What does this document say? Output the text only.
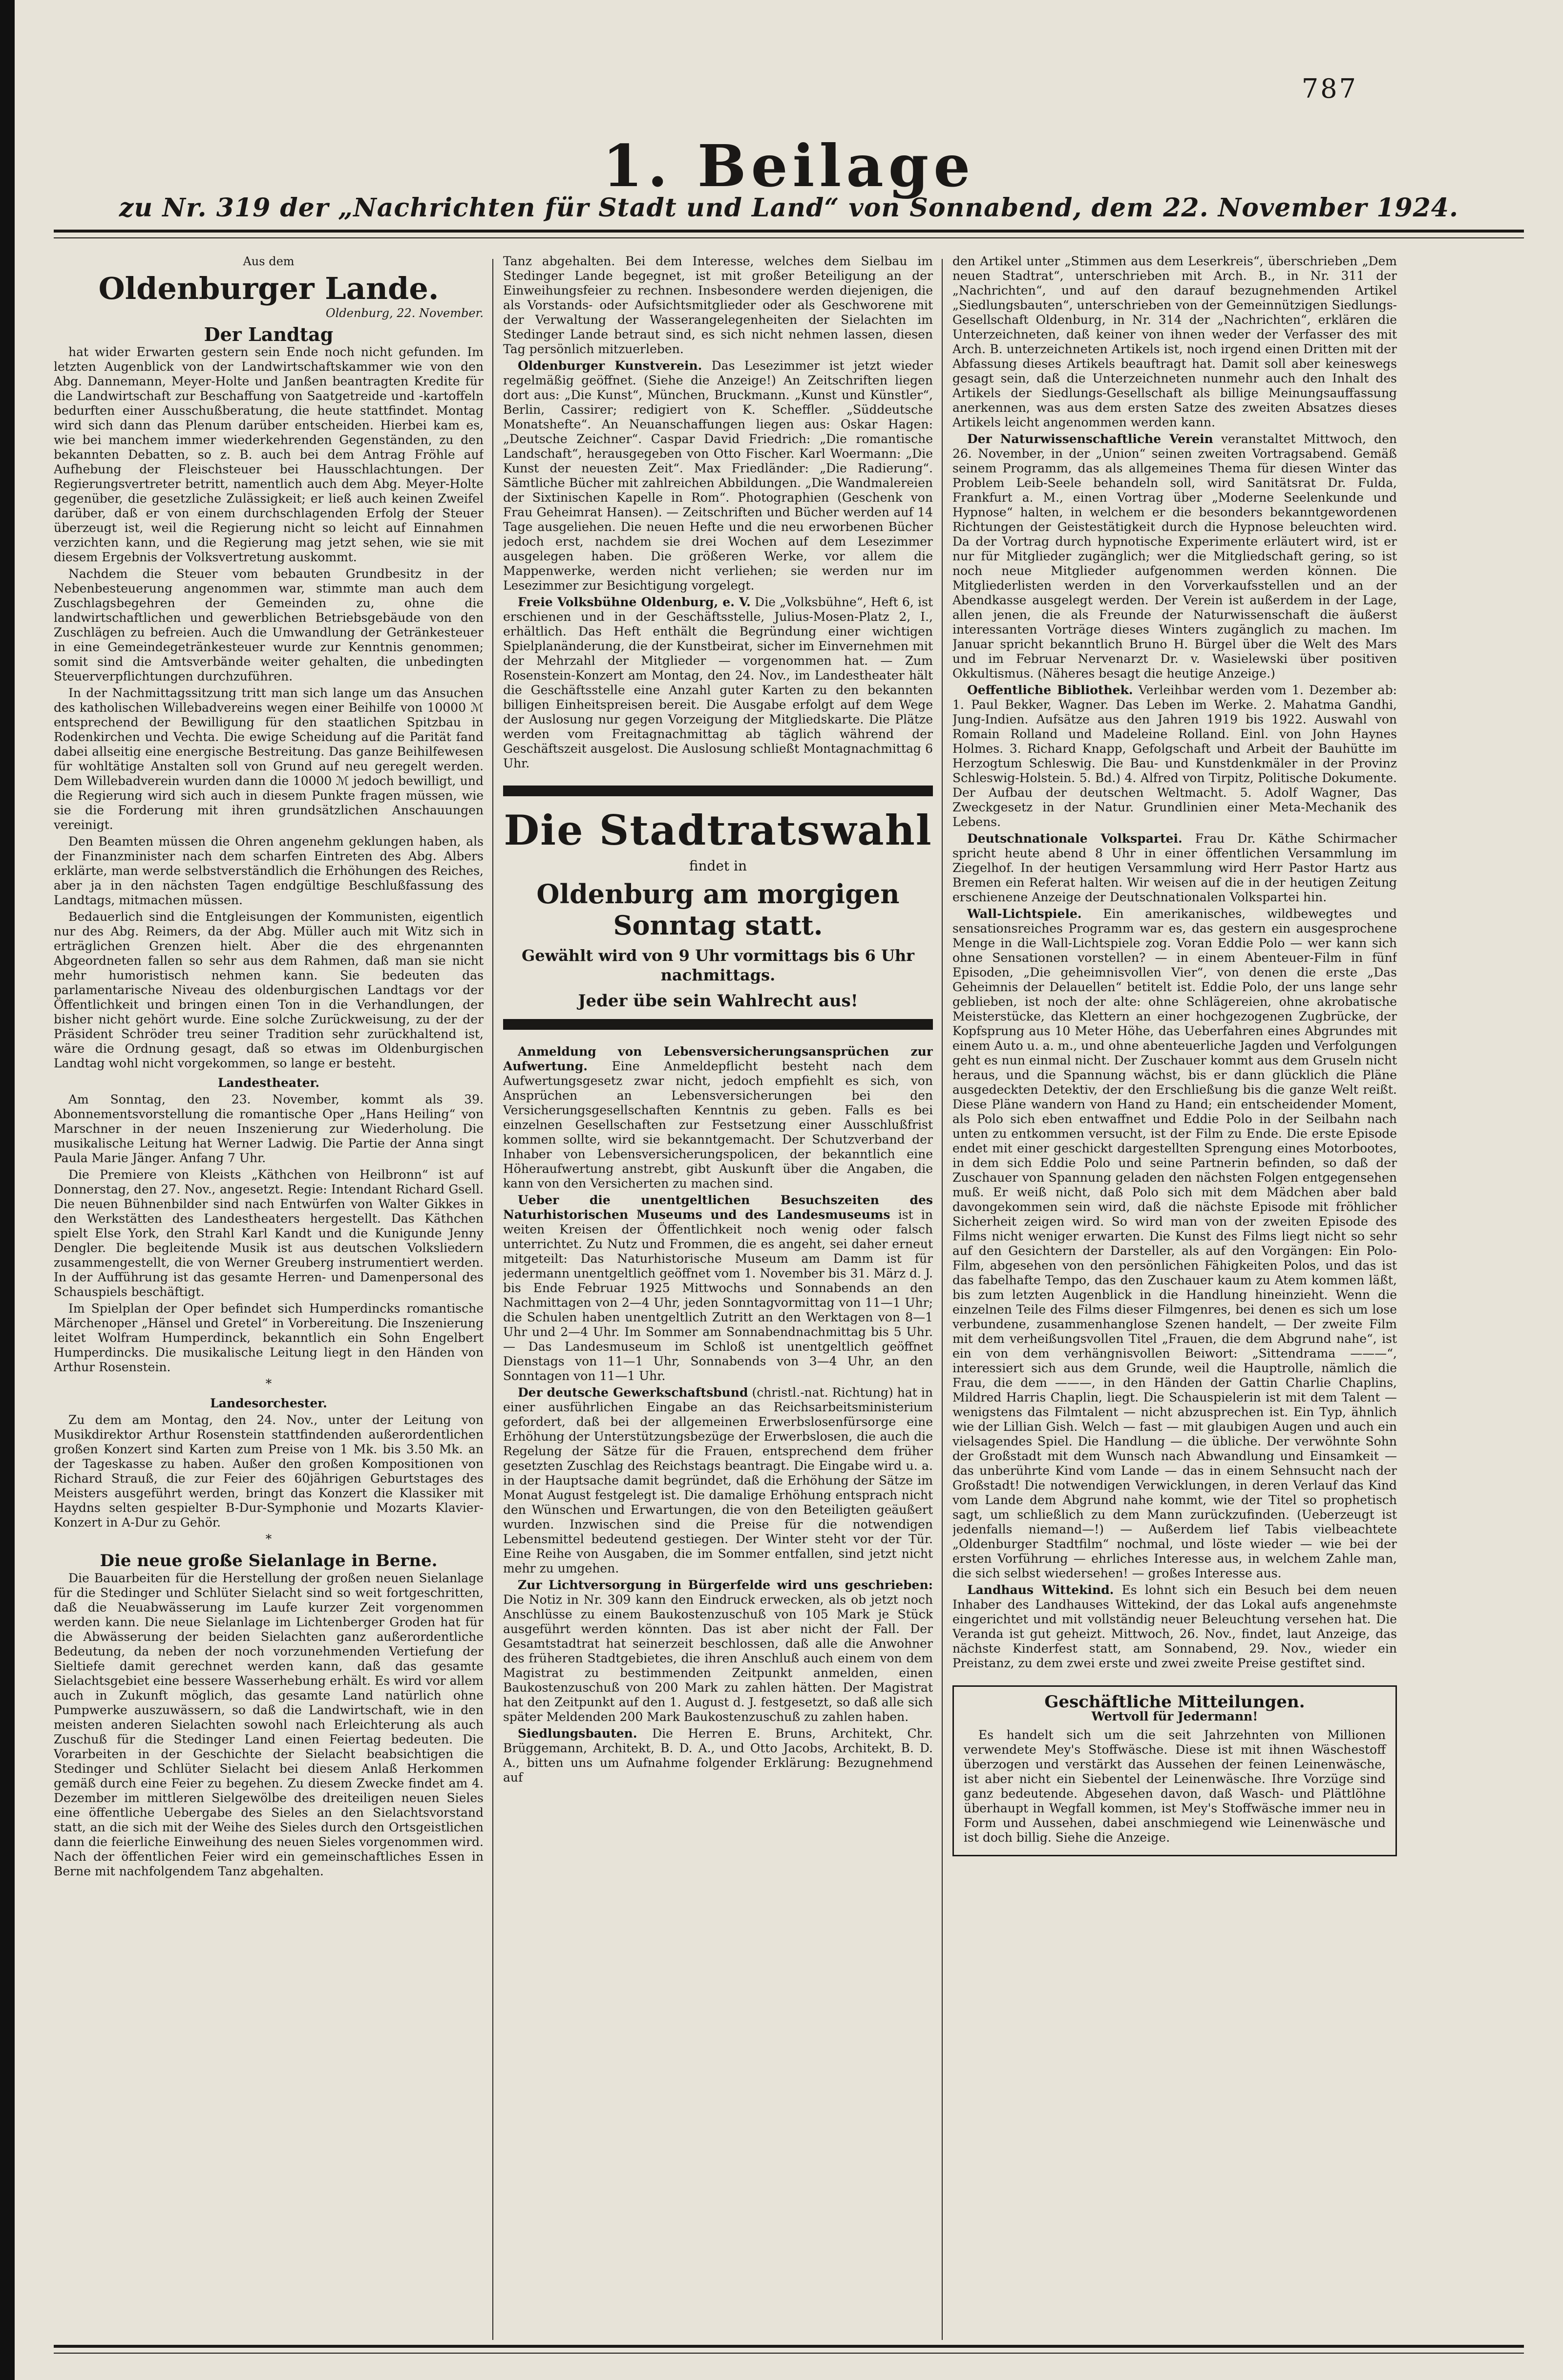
787
1. Beilage
zu Nr. 319 der „Nachrichten für Stadt und Land“ von Sonnabend, dem 22. November 1924.
Aus dem
Oldenburger Lande.
Oldenburg, 22. November.
Der Landtag

hat wider Erwarten gestern sein Ende noch nicht gefunden. Im letzten Augenblick von der Landwirtschaftskammer wie von den Abg. Dannemann, Meyer-Holte und Janßen beantragten Kredite für die Landwirtschaft zur Beschaffung von Saatgetreide und -kartoffeln bedurften einer Ausschußberatung, die heute stattfindet. Montag wird sich dann das Plenum darüber entscheiden. Hierbei kam es, wie bei manchem immer wiederkehrenden Gegenständen, zu den bekannten Debatten, so z. B. auch bei dem Antrag Fröhle auf Aufhebung der Fleischsteuer bei Hausschlachtungen. Der Regierungsvertreter betritt, namentlich auch dem Abg. Meyer-Holte gegenüber, die gesetzliche Zulässigkeit; er ließ auch keinen Zweifel darüber, daß er von einem durchschlagenden Erfolg der Steuer überzeugt ist, weil die Regierung nicht so leicht auf Einnahmen verzichten kann, und die Regierung mag jetzt sehen, wie sie mit diesem Ergebnis der Volksvertretung auskommt.

Nachdem die Steuer vom bebauten Grundbesitz in der Nebenbesteuerung angenommen war, stimmte man auch dem Zuschlagsbegehren der Gemeinden zu, ohne die landwirtschaftlichen und gewerblichen Betriebsgebäude von den Zuschlägen zu befreien. Auch die Umwandlung der Getränkesteuer in eine Gemeindegetränkesteuer wurde zur Kenntnis genommen; somit sind die Amtsverbände weiter gehalten, die unbedingten Steuerverpflichtungen durchzuführen.

In der Nachmittagssitzung tritt man sich lange um das Ansuchen des katholischen Willebadvereins wegen einer Beihilfe von 10000 ℳ entsprechend der Bewilligung für den staatlichen Spitzbau in Rodenkirchen und Vechta. Die ewige Scheidung auf die Parität fand dabei allseitig eine energische Bestreitung. Das ganze Beihilfewesen für wohltätige Anstalten soll von Grund auf neu geregelt werden. Dem Willebadverein wurden dann die 10000 ℳ jedoch bewilligt, und die Regierung wird sich auch in diesem Punkte fragen müssen, wie sie die Forderung mit ihren grundsätzlichen Anschauungen vereinigt.

Den Beamten müssen die Ohren angenehm geklungen haben, als der Finanzminister nach dem scharfen Eintreten des Abg. Albers erklärte, man werde selbstverständlich die Erhöhungen des Reiches, aber ja in den nächsten Tagen endgültige Beschlußfassung des Landtags, mitmachen müssen.

Bedauerlich sind die Entgleisungen der Kommunisten, eigentlich nur des Abg. Reimers, da der Abg. Müller auch mit Witz sich in erträglichen Grenzen hielt. Aber die des ehrgenannten Abgeordneten fallen so sehr aus dem Rahmen, daß man sie nicht mehr humoristisch nehmen kann. Sie bedeuten das parlamentarische Niveau des oldenburgischen Landtags vor der Öffentlichkeit und bringen einen Ton in die Verhandlungen, der bisher nicht gehört wurde. Eine solche Zurückweisung, zu der der Präsident Schröder treu seiner Tradition sehr zurückhaltend ist, wäre die Ordnung gesagt, daß so etwas im Oldenburgischen Landtag wohl nicht vorgekommen, so lange er besteht.

Landestheater.

Am Sonntag, den 23. November, kommt als 39. Abonnementsvorstellung die romantische Oper „Hans Heiling“ von Marschner in der neuen Inszenierung zur Wiederholung. Die musikalische Leitung hat Werner Ladwig. Die Partie der Anna singt Paula Marie Jänger. Anfang 7 Uhr.

Die Premiere von Kleists „Käthchen von Heilbronn“ ist auf Donnerstag, den 27. Nov., angesetzt. Regie: Intendant Richard Gsell. Die neuen Bühnenbilder sind nach Entwürfen von Walter Gikkes in den Werkstätten des Landestheaters hergestellt. Das Käthchen spielt Else York, den Strahl Karl Kandt und die Kunigunde Jenny Dengler. Die begleitende Musik ist aus deutschen Volksliedern zusammengestellt, die von Werner Greuberg instrumentiert werden. In der Aufführung ist das gesamte Herren- und Damenpersonal des Schauspiels beschäftigt.

Im Spielplan der Oper befindet sich Humperdincks romantische Märchenoper „Hänsel und Gretel“ in Vorbereitung. Die Inszenierung leitet Wolfram Humperdinck, bekanntlich ein Sohn Engelbert Humperdincks. Die musikalische Leitung liegt in den Händen von Arthur Rosenstein.

*
Landesorchester.

Zu dem am Montag, den 24. Nov., unter der Leitung von Musikdirektor Arthur Rosenstein stattfindenden außerordentlichen großen Konzert sind Karten zum Preise von 1 Mk. bis 3.50 Mk. an der Tageskasse zu haben. Außer den großen Kompositionen von Richard Strauß, die zur Feier des 60jährigen Geburtstages des Meisters ausgeführt werden, bringt das Konzert die Klassiker mit Haydns selten gespielter B-Dur-Symphonie und Mozarts Klavier-Konzert in A-Dur zu Gehör.

*
Die neue große Sielanlage in Berne.

Die Bauarbeiten für die Herstellung der großen neuen Sielanlage für die Stedinger und Schlüter Sielacht sind so weit fortgeschritten, daß die Neuabwässerung im Laufe kurzer Zeit vorgenommen werden kann. Die neue Sielanlage im Lichtenberger Groden hat für die Abwässerung der beiden Sielachten ganz außerordentliche Bedeutung, da neben der noch vorzunehmenden Vertiefung der Sieltiefe damit gerechnet werden kann, daß das gesamte Sielachtsgebiet eine bessere Wasserhebung erhält. Es wird vor allem auch in Zukunft möglich, das gesamte Land natürlich ohne Pumpwerke auszuwässern, so daß die Landwirtschaft, wie in den meisten anderen Sielachten sowohl nach Erleichterung als auch Zuschuß für die Stedinger Land einen Feiertag bedeuten. Die Vorarbeiten in der Geschichte der Sielacht beabsichtigen die Stedinger und Schlüter Sielacht bei diesem Anlaß Herkommen gemäß durch eine Feier zu begehen. Zu diesem Zwecke findet am 4. Dezember im mittleren Sielgewölbe des dreiteiligen neuen Sieles eine öffentliche Uebergabe des Sieles an den Sielachtsvorstand statt, an die sich mit der Weihe des Sieles durch den Ortsgeistlichen dann die feierliche Einweihung des neuen Sieles vorgenommen wird. Nach der öffentlichen Feier wird ein gemeinschaftliches Essen in Berne mit nachfolgendem Tanz abgehalten.

Tanz abgehalten. Bei dem Interesse, welches dem Sielbau im Stedinger Lande begegnet, ist mit großer Beteiligung an der Einweihungsfeier zu rechnen. Insbesondere werden diejenigen, die als Vorstands- oder Aufsichtsmitglieder oder als Geschworene mit der Verwaltung der Wasserangelegenheiten der Sielachten im Stedinger Lande betraut sind, es sich nicht nehmen lassen, diesen Tag persönlich mitzuerleben.

Oldenburger Kunstverein. Das Lesezimmer ist jetzt wieder regelmäßig geöffnet. (Siehe die Anzeige!) An Zeitschriften liegen dort aus: „Die Kunst“, München, Bruckmann. „Kunst und Künstler“, Berlin, Cassirer; redigiert von K. Scheffler. „Süddeutsche Monatshefte“. An Neuanschaffungen liegen aus: Oskar Hagen: „Deutsche Zeichner“. Caspar David Friedrich: „Die romantische Landschaft“, herausgegeben von Otto Fischer. Karl Woermann: „Die Kunst der neuesten Zeit“. Max Friedländer: „Die Radierung“. Sämtliche Bücher mit zahlreichen Abbildungen. „Die Wandmalereien der Sixtinischen Kapelle in Rom“. Photographien (Geschenk von Frau Geheimrat Hansen). — Zeitschriften und Bücher werden auf 14 Tage ausgeliehen. Die neuen Hefte und die neu erworbenen Bücher jedoch erst, nachdem sie drei Wochen auf dem Lesezimmer ausgelegen haben. Die größeren Werke, vor allem die Mappenwerke, werden nicht verliehen; sie werden nur im Lesezimmer zur Besichtigung vorgelegt.

Freie Volksbühne Oldenburg, e. V. Die „Volksbühne“, Heft 6, ist erschienen und in der Geschäftsstelle, Julius-Mosen-Platz 2, I., erhältlich. Das Heft enthält die Begründung einer wichtigen Spielplanänderung, die der Kunstbeirat, sicher im Einvernehmen mit der Mehrzahl der Mitglieder — vorgenommen hat. — Zum Rosenstein-Konzert am Montag, den 24. Nov., im Landestheater hält die Geschäftsstelle eine Anzahl guter Karten zu den bekannten billigen Einheitspreisen bereit. Die Ausgabe erfolgt auf dem Wege der Auslosung nur gegen Vorzeigung der Mitgliedskarte. Die Plätze werden vom Freitagnachmittag ab täglich während der Geschäftszeit ausgelost. Die Auslosung schließt Montagnachmittag 6 Uhr.

Die Stadtratswahl
findet in
Oldenburg am morgigen Sonntag statt.
Gewählt wird von 9 Uhr vormittags bis 6 Uhr nachmittags.
Jeder übe sein Wahlrecht aus!

Anmeldung von Lebensversicherungsansprüchen zur Aufwertung. Eine Anmeldepflicht besteht nach dem Aufwertungsgesetz zwar nicht, jedoch empfiehlt es sich, von Ansprüchen an Lebensversicherungen bei den Versicherungsgesellschaften Kenntnis zu geben. Falls es bei einzelnen Gesellschaften zur Festsetzung einer Ausschlußfrist kommen sollte, wird sie bekanntgemacht. Der Schutzverband der Inhaber von Lebensversicherungspolicen, der bekanntlich eine Höheraufwertung anstrebt, gibt Auskunft über die Angaben, die kann von den Versicherten zu machen sind.

Ueber die unentgeltlichen Besuchszeiten des Naturhistorischen Museums und des Landesmuseums ist in weiten Kreisen der Öffentlichkeit noch wenig oder falsch unterrichtet. Zu Nutz und Frommen, die es angeht, sei daher erneut mitgeteilt: Das Naturhistorische Museum am Damm ist für jedermann unentgeltlich geöffnet vom 1. November bis 31. März d. J. bis Ende Februar 1925 Mittwochs und Sonnabends an den Nachmittagen von 2—4 Uhr, jeden Sonntagvormittag von 11—1 Uhr; die Schulen haben unentgeltlich Zutritt an den Werktagen von 8—1 Uhr und 2—4 Uhr. Im Sommer am Sonnabendnachmittag bis 5 Uhr. — Das Landesmuseum im Schloß ist unentgeltlich geöffnet Dienstags von 11—1 Uhr, Sonnabends von 3—4 Uhr, an den Sonntagen von 11—1 Uhr.

Der deutsche Gewerkschaftsbund (christl.-nat. Richtung) hat in einer ausführlichen Eingabe an das Reichsarbeitsministerium gefordert, daß bei der allgemeinen Erwerbslosenfürsorge eine Erhöhung der Unterstützungsbezüge der Erwerbslosen, die auch die Regelung der Sätze für die Frauen, entsprechend dem früher gesetzten Zuschlag des Reichstags beantragt. Die Eingabe wird u. a. in der Hauptsache damit begründet, daß die Erhöhung der Sätze im Monat August festgelegt ist. Die damalige Erhöhung entsprach nicht den Wünschen und Erwartungen, die von den Beteiligten geäußert wurden. Inzwischen sind die Preise für die notwendigen Lebensmittel bedeutend gestiegen. Der Winter steht vor der Tür. Eine Reihe von Ausgaben, die im Sommer entfallen, sind jetzt nicht mehr zu umgehen.

Zur Lichtversorgung in Bürgerfelde wird uns geschrieben: Die Notiz in Nr. 309 kann den Eindruck erwecken, als ob jetzt noch Anschlüsse zu einem Baukostenzuschuß von 105 Mark je Stück ausgeführt werden könnten. Das ist aber nicht der Fall. Der Gesamtstadtrat hat seinerzeit beschlossen, daß alle die Anwohner des früheren Stadtgebietes, die ihren Anschluß auch einem von dem Magistrat zu bestimmenden Zeitpunkt anmelden, einen Baukostenzuschuß von 200 Mark zu zahlen hätten. Der Magistrat hat den Zeitpunkt auf den 1. August d. J. festgesetzt, so daß alle sich später Meldenden 200 Mark Baukostenzuschuß zu zahlen haben.

Siedlungsbauten. Die Herren E. Bruns, Architekt, Chr. Brüggemann, Architekt, B. D. A., und Otto Jacobs, Architekt, B. D. A., bitten uns um Aufnahme folgender Erklärung: Bezugnehmend auf

den Artikel unter „Stimmen aus dem Leserkreis“, überschrieben „Dem neuen Stadtrat“, unterschrieben mit Arch. B., in Nr. 311 der „Nachrichten“, und auf den darauf bezugnehmenden Artikel „Siedlungsbauten“, unterschrieben von der Gemeinnützigen Siedlungs-Gesellschaft Oldenburg, in Nr. 314 der „Nachrichten“, erklären die Unterzeichneten, daß keiner von ihnen weder der Verfasser des mit Arch. B. unterzeichneten Artikels ist, noch irgend einen Dritten mit der Abfassung dieses Artikels beauftragt hat. Damit soll aber keineswegs gesagt sein, daß die Unterzeichneten nunmehr auch den Inhalt des Artikels der Siedlungs-Gesellschaft als billige Meinungsauffassung anerkennen, was aus dem ersten Satze des zweiten Absatzes dieses Artikels leicht angenommen werden kann.

Der Naturwissenschaftliche Verein veranstaltet Mittwoch, den 26. November, in der „Union“ seinen zweiten Vortragsabend. Gemäß seinem Programm, das als allgemeines Thema für diesen Winter das Problem Leib-Seele behandeln soll, wird Sanitätsrat Dr. Fulda, Frankfurt a. M., einen Vortrag über „Moderne Seelenkunde und Hypnose“ halten, in welchem er die besonders bekanntgewordenen Richtungen der Geistestätigkeit durch die Hypnose beleuchten wird. Da der Vortrag durch hypnotische Experimente erläutert wird, ist er nur für Mitglieder zugänglich; wer die Mitgliedschaft gering, so ist noch neue Mitglieder aufgenommen werden können. Die Mitgliederlisten werden in den Vorverkaufsstellen und an der Abendkasse ausgelegt werden. Der Verein ist außerdem in der Lage, allen jenen, die als Freunde der Naturwissenschaft die äußerst interessanten Vorträge dieses Winters zugänglich zu machen. Im Januar spricht bekanntlich Bruno H. Bürgel über die Welt des Mars und im Februar Nervenarzt Dr. v. Wasielewski über positiven Okkultismus. (Näheres besagt die heutige Anzeige.)

Oeffentliche Bibliothek. Verleihbar werden vom 1. Dezember ab: 1. Paul Bekker, Wagner. Das Leben im Werke. 2. Mahatma Gandhi, Jung-Indien. Aufsätze aus den Jahren 1919 bis 1922. Auswahl von Romain Rolland und Madeleine Rolland. Einl. von John Haynes Holmes. 3. Richard Knapp, Gefolgschaft und Arbeit der Bauhütte im Herzogtum Schleswig. Die Bau- und Kunstdenkmäler in der Provinz Schleswig-Holstein. 5. Bd.) 4. Alfred von Tirpitz, Politische Dokumente. Der Aufbau der deutschen Weltmacht. 5. Adolf Wagner, Das Zweckgesetz in der Natur. Grundlinien einer Meta-Mechanik des Lebens.

Deutschnationale Volkspartei. Frau Dr. Käthe Schirmacher spricht heute abend 8 Uhr in einer öffentlichen Versammlung im Ziegelhof. In der heutigen Versammlung wird Herr Pastor Hartz aus Bremen ein Referat halten. Wir weisen auf die in der heutigen Zeitung erschienene Anzeige der Deutschnationalen Volkspartei hin.

Wall-Lichtspiele. Ein amerikanisches, wildbewegtes und sensationsreiches Programm war es, das gestern ein ausgesprochene Menge in die Wall-Lichtspiele zog. Voran Eddie Polo — wer kann sich ohne Sensationen vorstellen? — in einem Abenteuer-Film in fünf Episoden, „Die geheimnisvollen Vier“, von denen die erste „Das Geheimnis der Delauellen“ betitelt ist. Eddie Polo, der uns lange sehr geblieben, ist noch der alte: ohne Schlägereien, ohne akrobatische Meisterstücke, das Klettern an einer hochgezogenen Zugbrücke, der Kopfsprung aus 10 Meter Höhe, das Ueberfahren eines Abgrundes mit einem Auto u. a. m., und ohne abenteuerliche Jagden und Verfolgungen geht es nun einmal nicht. Der Zuschauer kommt aus dem Gruseln nicht heraus, und die Spannung wächst, bis er dann glücklich die Pläne ausgedeckten Detektiv, der den Erschließung bis die ganze Welt reißt. Diese Pläne wandern von Hand zu Hand; ein entscheidender Moment, als Polo sich eben entwaffnet und Eddie Polo in der Seilbahn nach unten zu entkommen versucht, ist der Film zu Ende. Die erste Episode endet mit einer geschickt dargestellten Sprengung eines Motorbootes, in dem sich Eddie Polo und seine Partnerin befinden, so daß der Zuschauer von Spannung geladen den nächsten Folgen entgegensehen muß. Er weiß nicht, daß Polo sich mit dem Mädchen aber bald davongekommen sein wird, daß die nächste Episode mit fröhlicher Sicherheit zeigen wird. So wird man von der zweiten Episode des Films nicht weniger erwarten. Die Kunst des Films liegt nicht so sehr auf den Gesichtern der Darsteller, als auf den Vorgängen: Ein Polo-Film, abgesehen von den persönlichen Fähigkeiten Polos, und das ist das fabelhafte Tempo, das den Zuschauer kaum zu Atem kommen läßt, bis zum letzten Augenblick in die Handlung hineinzieht. Wenn die einzelnen Teile des Films dieser Filmgenres, bei denen es sich um lose verbundene, zusammenhanglose Szenen handelt, — Der zweite Film mit dem verheißungsvollen Titel „Frauen, die dem Abgrund nahe“, ist ein von dem verhängnisvollen Beiwort: „Sittendrama ———“, interessiert sich aus dem Grunde, weil die Hauptrolle, nämlich die Frau, die dem ———, in den Händen der Gattin Charlie Chaplins, Mildred Harris Chaplin, liegt. Die Schauspielerin ist mit dem Talent — wenigstens das Filmtalent — nicht abzusprechen ist. Ein Typ, ähnlich wie der Lillian Gish. Welch — fast — mit glaubigen Augen und auch ein vielsagendes Spiel. Die Handlung — die übliche. Der verwöhnte Sohn der Großstadt mit dem Wunsch nach Abwandlung und Einsamkeit — das unberührte Kind vom Lande — das in einem Sehnsucht nach der Großstadt! Die notwendigen Verwicklungen, in deren Verlauf das Kind vom Lande dem Abgrund nahe kommt, wie der Titel so prophetisch sagt, um schließlich zu dem Mann zurückzufinden. (Ueberzeugt ist jedenfalls niemand—!) — Außerdem lief Tabis vielbeachtete „Oldenburger Stadtfilm“ nochmal, und löste wieder — wie bei der ersten Vorführung — ehrliches Interesse aus, in welchem Zahle man, die sich selbst wiedersehen! — großes Interesse aus.

Landhaus Wittekind. Es lohnt sich ein Besuch bei dem neuen Inhaber des Landhauses Wittekind, der das Lokal aufs angenehmste eingerichtet und mit vollständig neuer Beleuchtung versehen hat. Die Veranda ist gut geheizt. Mittwoch, 26. Nov., findet, laut Anzeige, das nächste Kinderfest statt, am Sonnabend, 29. Nov., wieder ein Preistanz, zu dem zwei erste und zwei zweite Preise gestiftet sind.

Geschäftliche Mitteilungen.
Wertvoll für Jedermann!

Es handelt sich um die seit Jahrzehnten von Millionen verwendete Mey's Stoffwäsche. Diese ist mit ihnen Wäschestoff überzogen und verstärkt das Aussehen der feinen Leinenwäsche, ist aber nicht ein Siebentel der Leinenwäsche. Ihre Vorzüge sind ganz bedeutende. Abgesehen davon, daß Wasch- und Plättlöhne überhaupt in Wegfall kommen, ist Mey's Stoffwäsche immer neu in Form und Aussehen, dabei anschmiegend wie Leinenwäsche und ist doch billig. Siehe die Anzeige.
